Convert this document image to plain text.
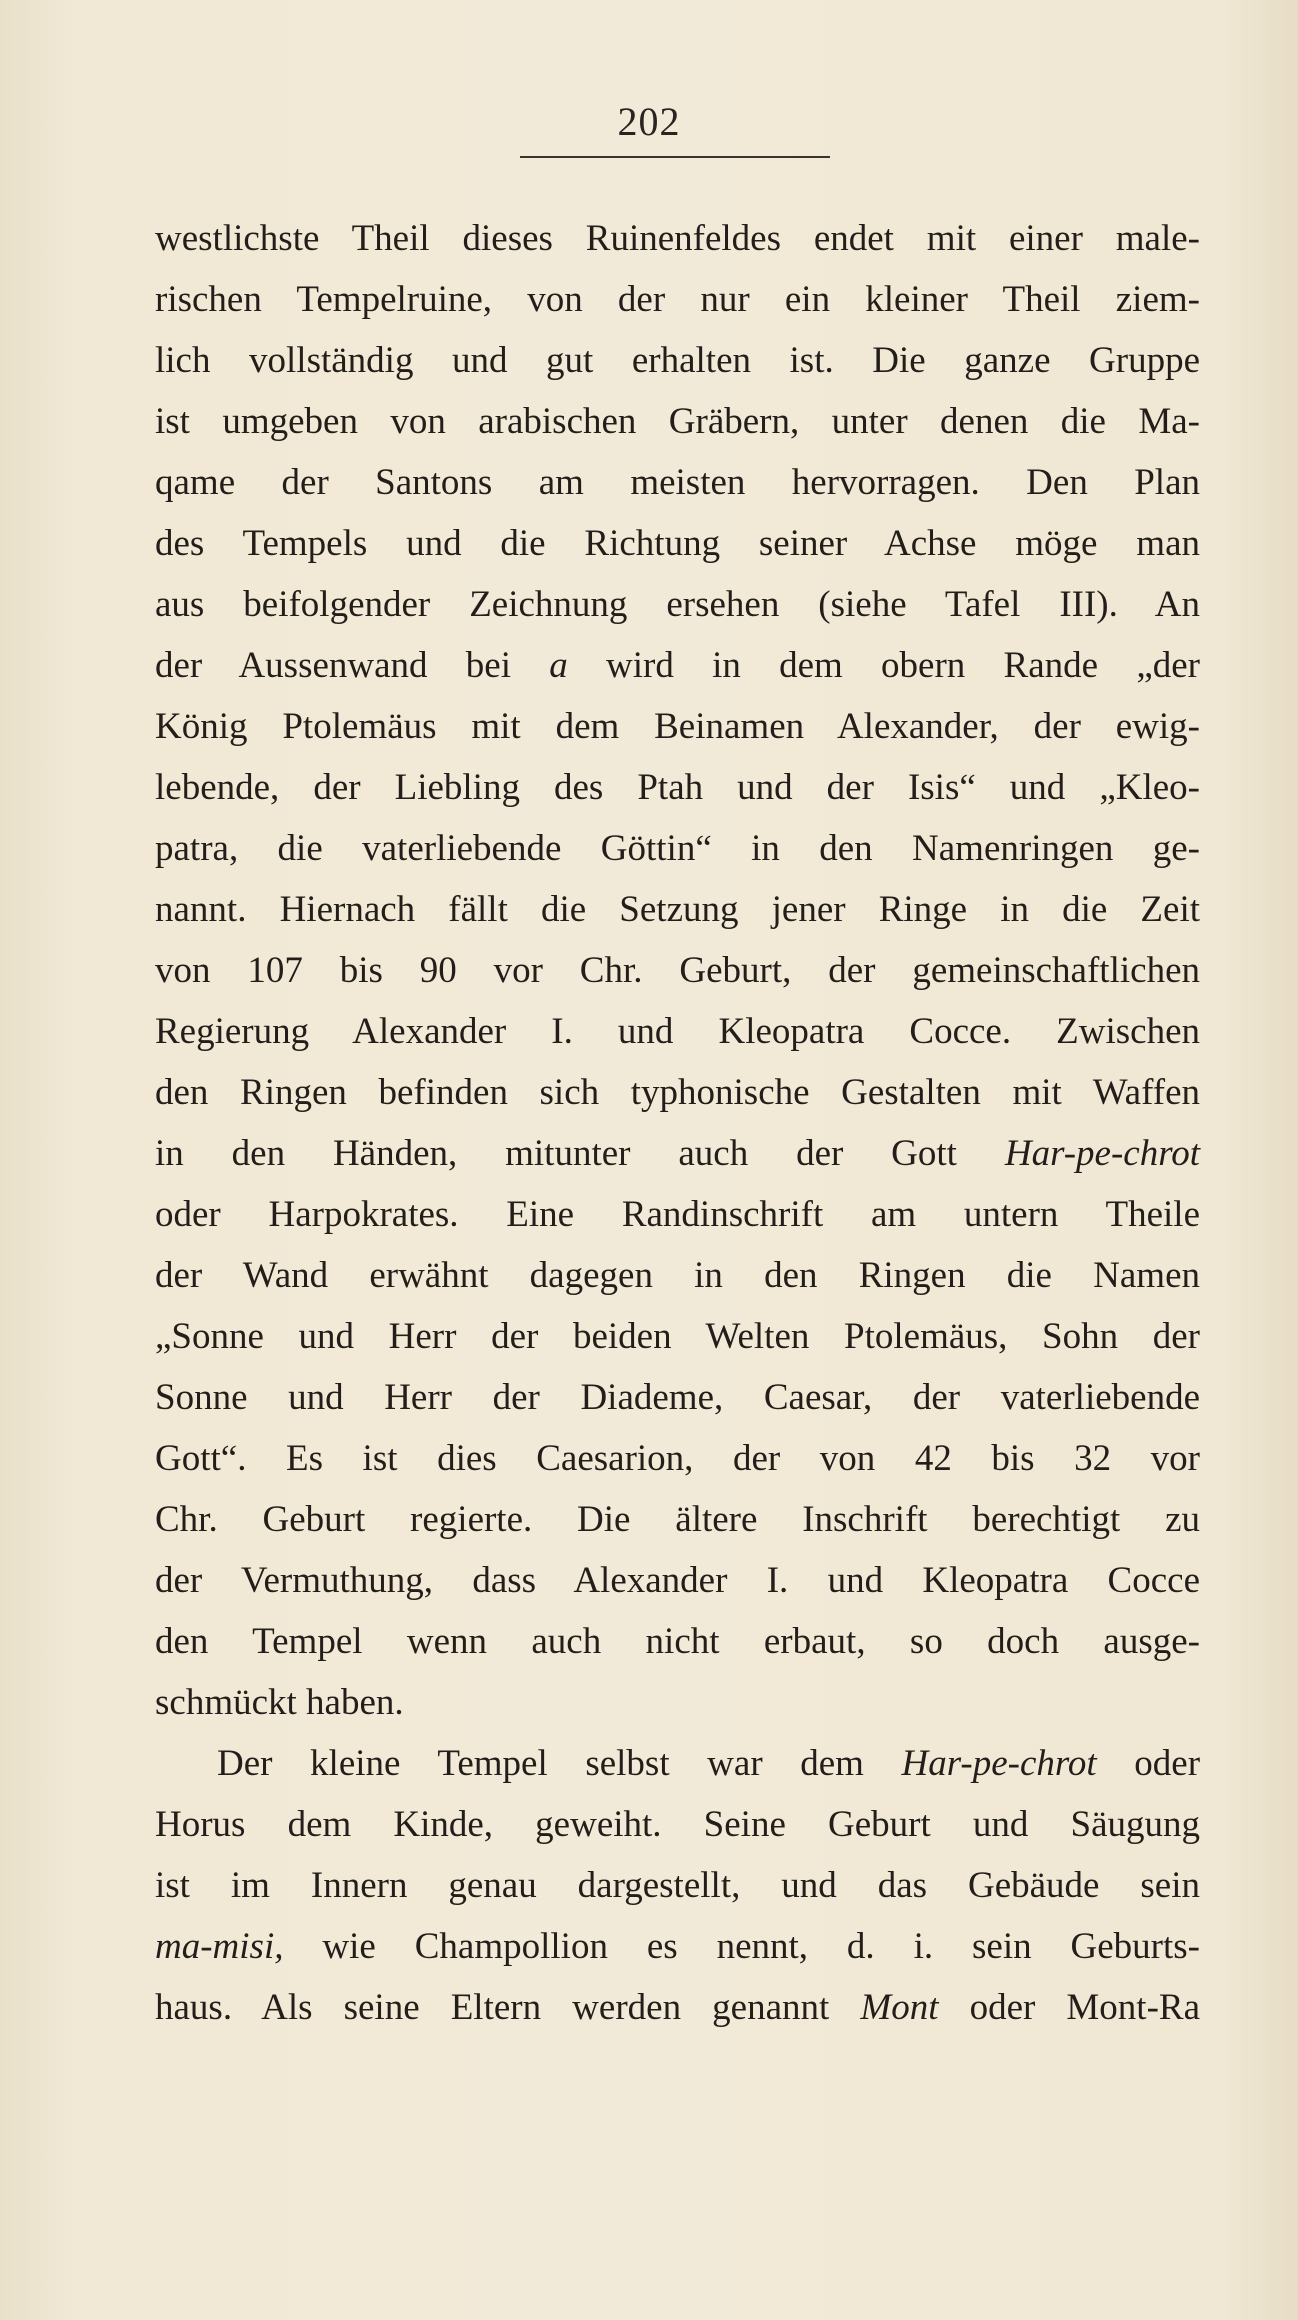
202
westlichste Theil dieses Ruinenfeldes endet mit einer male-
rischen Tempelruine, von der nur ein kleiner Theil ziem-
lich vollständig und gut erhalten ist. Die ganze Gruppe
ist umgeben von arabischen Gräbern, unter denen die Ma-
qame der Santons am meisten hervorragen. Den Plan
des Tempels und die Richtung seiner Achse möge man
aus beifolgender Zeichnung ersehen (siehe Tafel III). An
der Aussenwand bei a wird in dem obern Rande „der
König Ptolemäus mit dem Beinamen Alexander, der ewig-
lebende, der Liebling des Ptah und der Isis“ und „Kleo-
patra, die vaterliebende Göttin“ in den Namenringen ge-
nannt. Hiernach fällt die Setzung jener Ringe in die Zeit
von 107 bis 90 vor Chr. Geburt, der gemeinschaftlichen
Regierung Alexander I. und Kleopatra Cocce. Zwischen
den Ringen befinden sich typhonische Gestalten mit Waffen
in den Händen, mitunter auch der Gott Har-pe-chrot
oder Harpokrates. Eine Randinschrift am untern Theile
der Wand erwähnt dagegen in den Ringen die Namen
„Sonne und Herr der beiden Welten Ptolemäus, Sohn der
Sonne und Herr der Diademe, Caesar, der vaterliebende
Gott“. Es ist dies Caesarion, der von 42 bis 32 vor
Chr. Geburt regierte. Die ältere Inschrift berechtigt zu
der Vermuthung, dass Alexander I. und Kleopatra Cocce
den Tempel wenn auch nicht erbaut, so doch ausge-
schmückt haben.
Der kleine Tempel selbst war dem Har-pe-chrot oder
Horus dem Kinde, geweiht. Seine Geburt und Säugung
ist im Innern genau dargestellt, und das Gebäude sein
ma-misi, wie Champollion es nennt, d. i. sein Geburts-
haus. Als seine Eltern werden genannt Mont oder Mont-Ra
